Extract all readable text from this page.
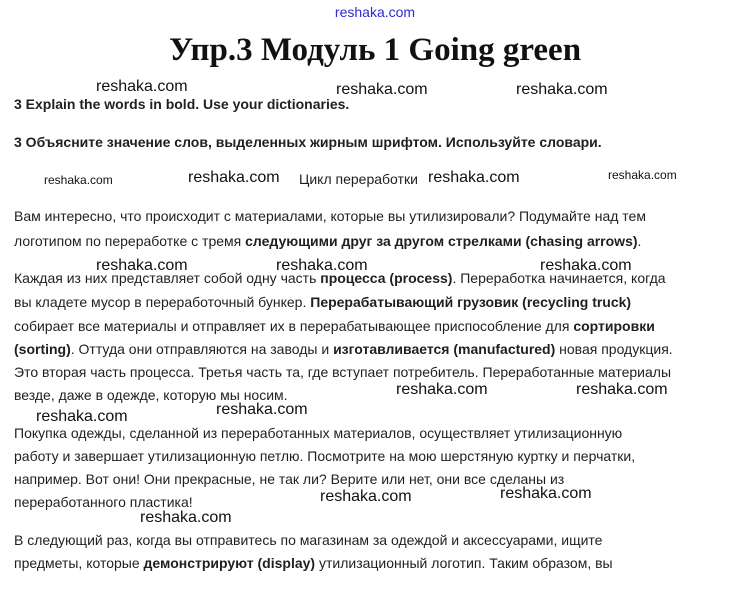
reshaka.com
Упр.3 Модуль 1 Going green
reshaka.com	reshaka.com	reshaka.com
3 Explain the words in bold. Use your dictionaries.
3 Объясните значение слов, выделенных жирным шрифтом. Используйте словари.
reshaka.com	reshaka.com Цикл переработки reshaka.com	reshaka.com
Вам интересно, что происходит с материалами, которые вы утилизировали? Подумайте над тем
логотипом по переработке с тремя следующими друг за другом стрелками (chasing arrows).
Каждая из них представляет собой одну часть процесса (process). Переработка начинается, когда
вы кладете мусор в переработочный бункер. Перерабатывающий грузовик (recycling truck)
собирает все материалы и отправляет их в перерабатывающее приспособление для сортировки
(sorting). Оттуда они отправляются на заводы и изготавливается (manufactured) новая продукция.
Это вторая часть процесса. Третья часть та, где вступает потребитель. Переработанные материалы
везде, даже в одежде, которую мы носим.
reshaka.com	reshaka.com	reshaka.com
reshaka.com	reshaka.com
reshaka.com
reshaka.com
Покупка одежды, сделанной из переработанных материалов, осуществляет утилизационную
работу и завершает утилизационную петлю. Посмотрите на мою шерстяную куртку и перчатки,
например. Вот они! Они прекрасные, не так ли? Верите или нет, они все сделаны из
переработанного пластика!	reshaka.com	reshaka.com
reshaka.com
В следующий раз, когда вы отправитесь по магазинам за одеждой и аксессуарами, ищите
предметы, которые демонстрируют (display) утилизационный логотип. Таким образом, вы
